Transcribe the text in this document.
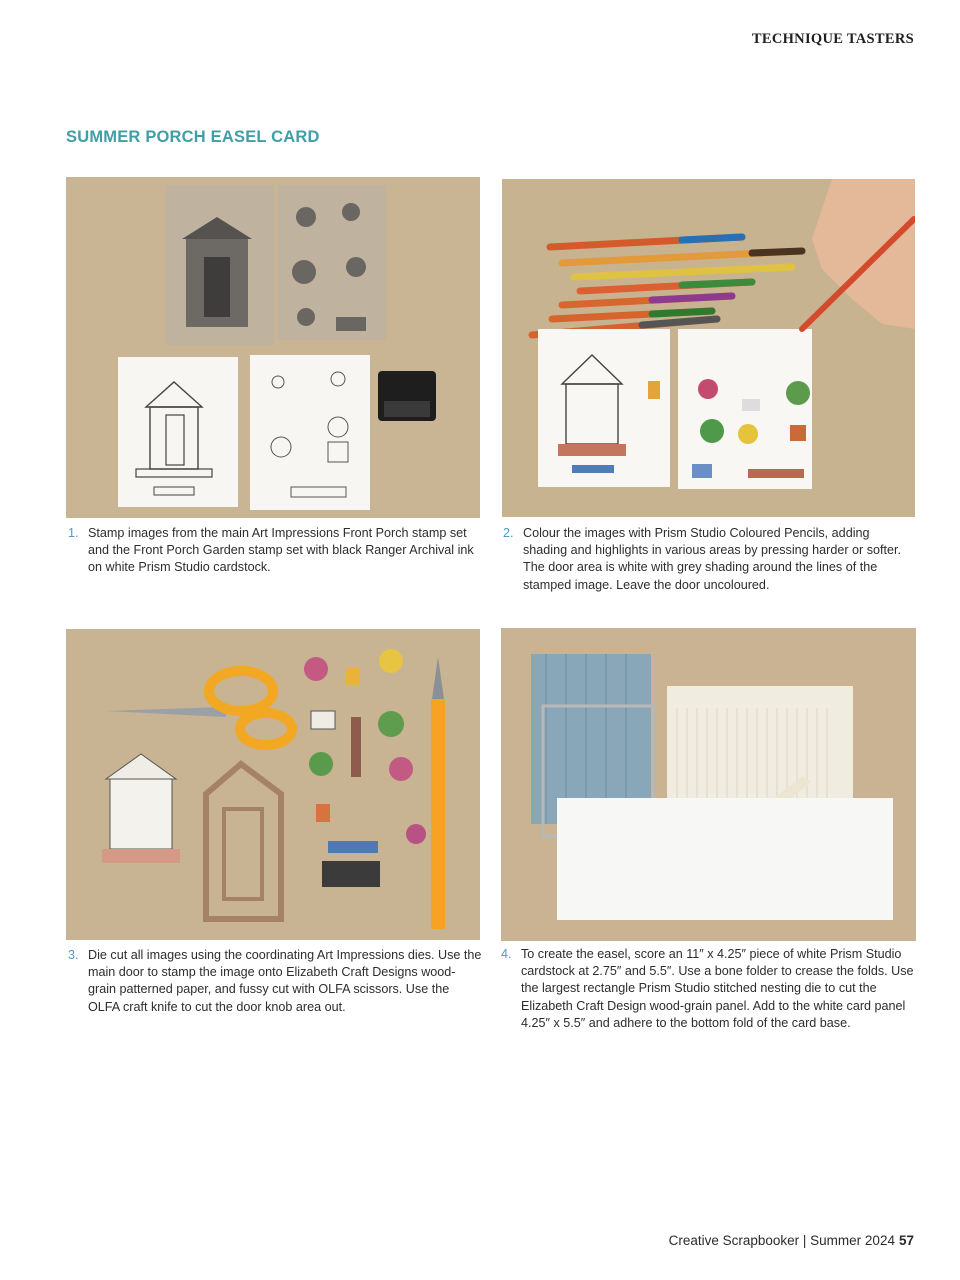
TECHNIQUE TASTERS
SUMMER PORCH EASEL CARD
1. Stamp images from the main Art Impressions Front Porch stamp set and the Front Porch Garden stamp set with black Ranger Archival ink on white Prism Studio cardstock.
2. Colour the images with Prism Studio Coloured Pencils, adding shading and highlights in various areas by pressing harder or softer. The door area is white with grey shading around the lines of the stamped image. Leave the door uncoloured.
3. Die cut all images using the coordinating Art Impressions dies. Use the main door to stamp the image onto Elizabeth Craft Designs wood-grain patterned paper, and fussy cut with OLFA scissors. Use the OLFA craft knife to cut the door knob area out.
4. To create the easel, score an 11″ x 4.25″ piece of white Prism Studio cardstock at 2.75″ and 5.5″. Use a bone folder to crease the folds. Use the largest rectangle Prism Studio stitched nesting die to cut the Elizabeth Craft Design wood-grain panel. Add to the white card panel 4.25″ x 5.5″ and adhere to the bottom fold of the card base.
Creative Scrapbooker | Summer 2024 57
